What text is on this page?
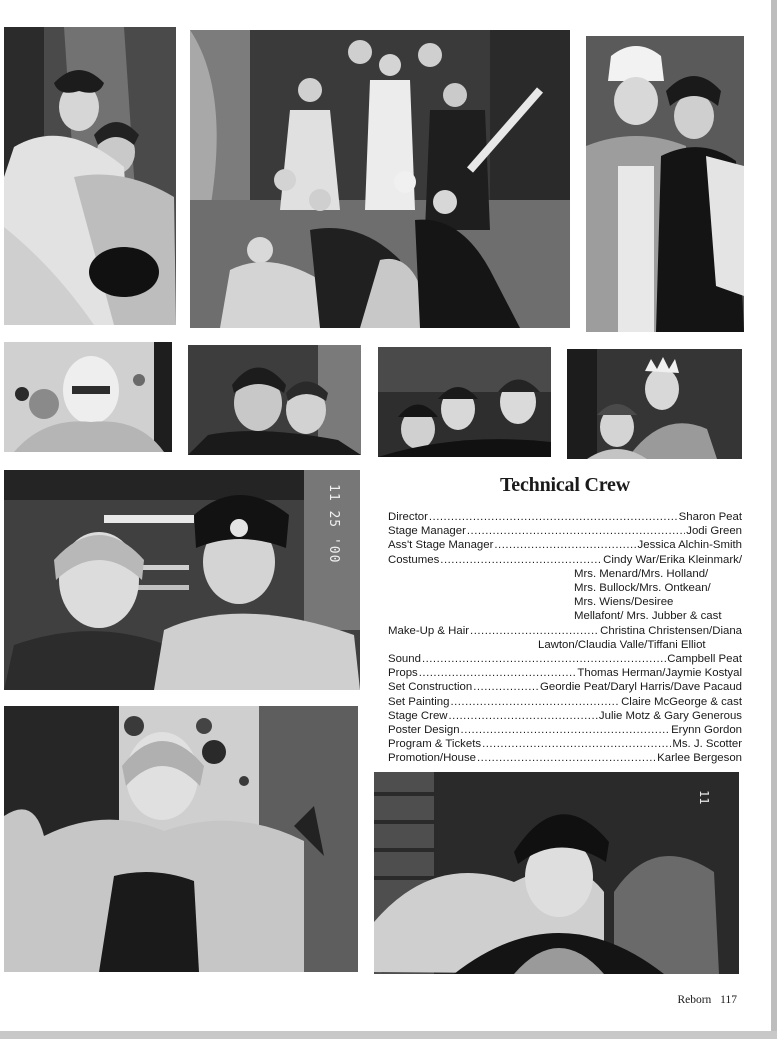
11 25 '00
11
Technical Crew
Director .....	Sharon Peat
Stage Manager .....	Jodi Green
Ass't Stage Manager .....	Jessica Alchin-Smith
Costumes .....	Cindy War/Erika Kleinmark/
Mrs. Menard/Mrs. Holland/
Mrs. Bullock/Mrs. Ontkean/
Mrs. Wiens/Desiree
Mellafont/ Mrs. Jubber & cast
Make-Up & Hair .....	Christina Christensen/Diana
Lawton/Claudia Valle/Tiffani Elliot
Sound .....	Campbell Peat
Props .....	Thomas Herman/Jaymie Kostyal
Set Construction .....	Geordie Peat/Daryl Harris/Dave Pacaud
Set Painting .....	Claire McGeorge & cast
Stage Crew .....	Julie Motz & Gary Generous
Poster Design .....	Erynn Gordon
Program & Tickets .....	Ms. J. Scotter
Promotion/House .....	Karlee Bergeson
Reborn 117
